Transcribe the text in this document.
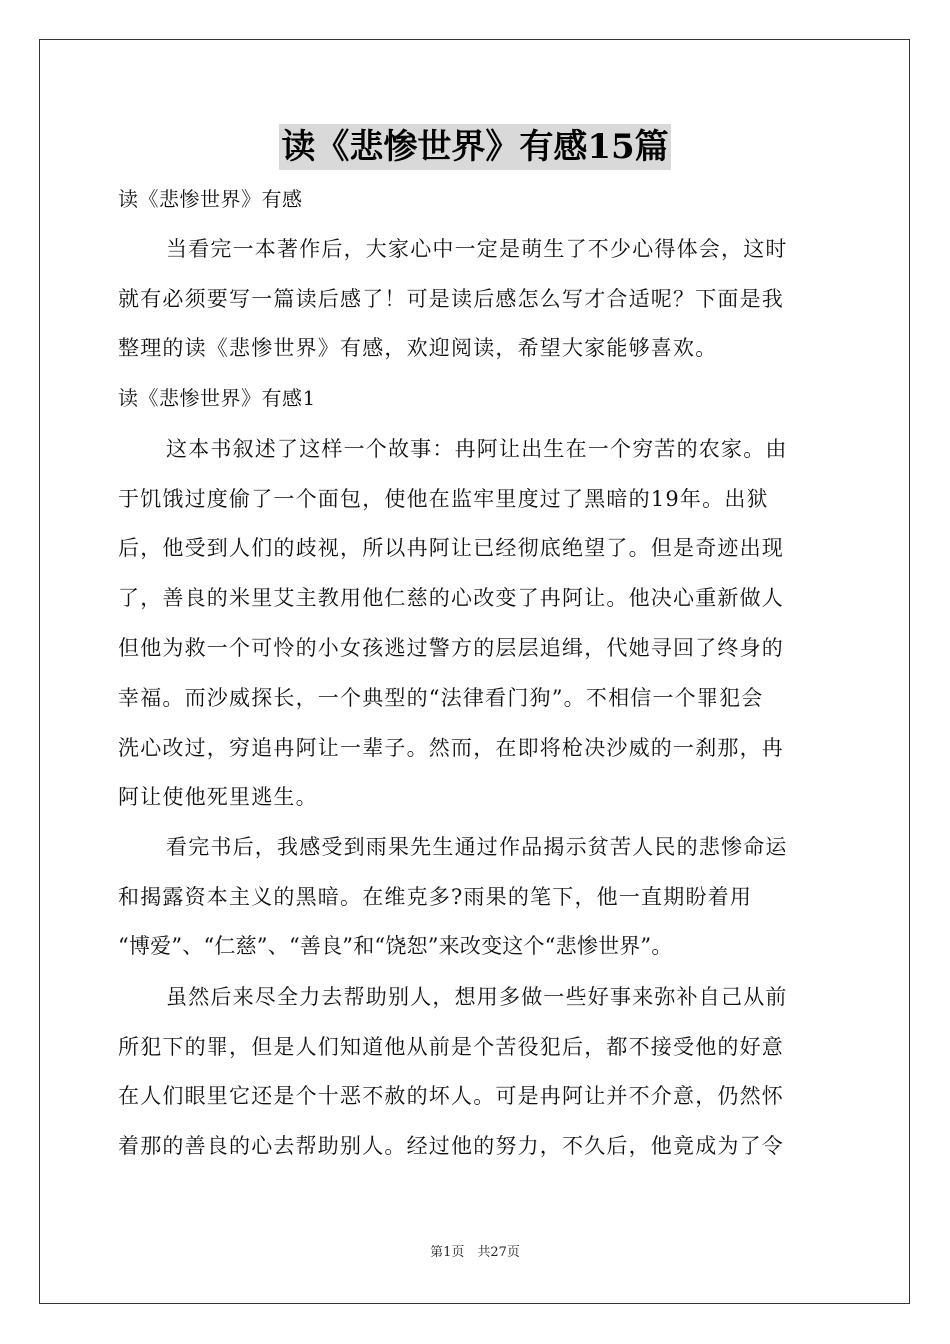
读《悲惨世界》有感15篇
读《悲惨世界》有感
当看完一本著作后，大家心中一定是萌生了不少心得体会，这时
就有必须要写一篇读后感了！可是读后感怎么写才合适呢？下面是我
整理的读《悲惨世界》有感，欢迎阅读，希望大家能够喜欢。
读《悲惨世界》有感1
这本书叙述了这样一个故事：冉阿让出生在一个穷苦的农家。由
于饥饿过度偷了一个面包，使他在监牢里度过了黑暗的19年。出狱
后，他受到人们的歧视，所以冉阿让已经彻底绝望了。但是奇迹出现
了，善良的米里艾主教用他仁慈的心改变了冉阿让。他决心重新做人
但他为救一个可怜的小女孩逃过警方的层层追缉，代她寻回了终身的
幸福。而沙威探长，一个典型的“法律看门狗”。不相信一个罪犯会
洗心改过，穷追冉阿让一辈子。然而，在即将枪决沙威的一刹那，冉
阿让使他死里逃生。
看完书后，我感受到雨果先生通过作品揭示贫苦人民的悲惨命运
和揭露资本主义的黑暗。在维克多?雨果的笔下，他一直期盼着用
“博爱”、“仁慈”、“善良”和“饶恕”来改变这个“悲惨世界”。
虽然后来尽全力去帮助别人，想用多做一些好事来弥补自己从前
所犯下的罪，但是人们知道他从前是个苦役犯后，都不接受他的好意
在人们眼里它还是个十恶不赦的坏人。可是冉阿让并不介意，仍然怀
着那的善良的心去帮助别人。经过他的努力，不久后，他竟成为了令
第1页　共27页
